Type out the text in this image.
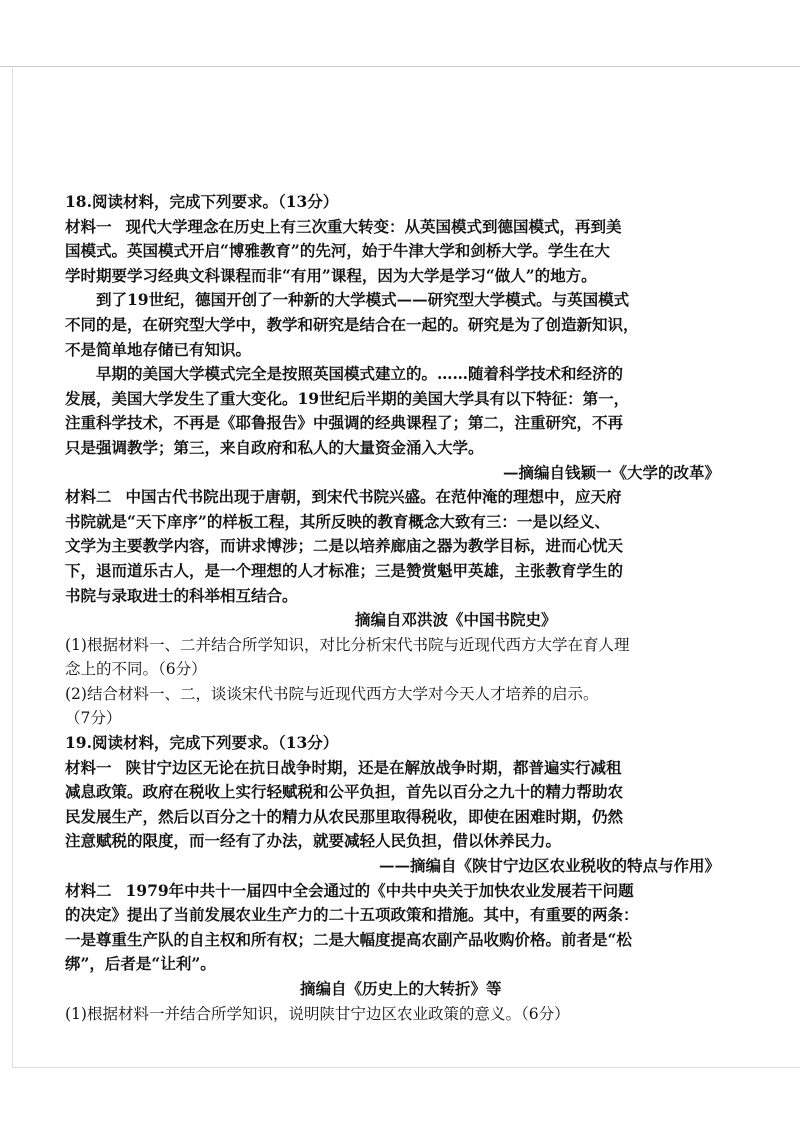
18.阅读材料，完成下列要求。（13分）
材料一 现代大学理念在历史上有三次重大转变：从英国模式到德国模式，再到美
国模式。英国模式开启“博雅教育”的先河，始于牛津大学和剑桥大学。学生在大
学时期要学习经典文科课程而非“有用”课程，因为大学是学习“做人”的地方。
到了19世纪，德国开创了一种新的大学模式——研究型大学模式。与英国模式
不同的是，在研究型大学中，教学和研究是结合在一起的。研究是为了创造新知识，
不是简单地存储已有知识。
早期的美国大学模式完全是按照英国模式建立的。……随着科学技术和经济的
发展，美国大学发生了重大变化。19世纪后半期的美国大学具有以下特征：第一，
注重科学技术，不再是《耶鲁报告》中强调的经典课程了；第二，注重研究，不再
只是强调教学；第三，来自政府和私人的大量资金涌入大学。
—摘编自钱颖一《大学的改革》
材料二 中国古代书院出现于唐朝，到宋代书院兴盛。在范仲淹的理想中，应天府
书院就是“天下庠序”的样板工程，其所反映的教育概念大致有三：一是以经义、
文学为主要教学内容，而讲求博涉；二是以培养廊庙之器为教学目标，进而心忧天
下，退而道乐古人，是一个理想的人才标准；三是赞赏魁甲英雄，主张教育学生的
书院与录取进士的科举相互结合。
摘编自邓洪波《中国书院史》
(1)根据材料一、二并结合所学知识，对比分析宋代书院与近现代西方大学在育人理
念上的不同。（6分）
(2)结合材料一、二，谈谈宋代书院与近现代西方大学对今天人才培养的启示。
（7分）
19.阅读材料，完成下列要求。（13分）
材料一 陕甘宁边区无论在抗日战争时期，还是在解放战争时期，都普遍实行减租
减息政策。政府在税收上实行轻赋税和公平负担，首先以百分之九十的精力帮助农
民发展生产，然后以百分之十的精力从农民那里取得税收，即使在困难时期，仍然
注意赋税的限度，而一经有了办法，就要减轻人民负担，借以休养民力。
——摘编自《陕甘宁边区农业税收的特点与作用》
材料二 1979年中共十一届四中全会通过的《中共中央关于加快农业发展若干问题
的决定》提出了当前发展农业生产力的二十五项政策和措施。其中，有重要的两条：
一是尊重生产队的自主权和所有权；二是大幅度提高农副产品收购价格。前者是“松
绑”，后者是“让利”。
摘编自《历史上的大转折》等
(1)根据材料一并结合所学知识，说明陕甘宁边区农业政策的意义。（6分）
